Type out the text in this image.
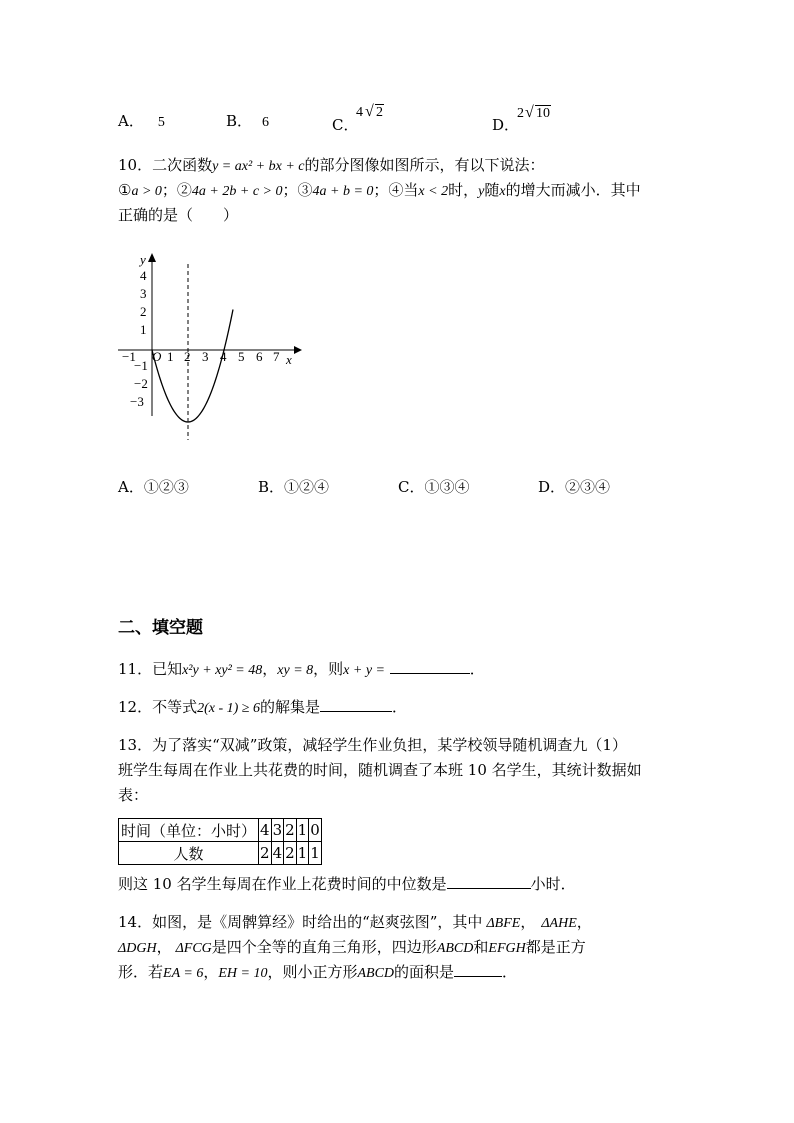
A． 5	B． 6	C．
4 √ 2
D．
2 √ 10
10．二次函数y = ax² + bx + c的部分图像如图所示，有以下说法：
①a > 0；②4a + 2b + c > 0；③4a + b = 0；④当x < 2时，y随x的增大而减小．其中
正确的是（　　）
y
x
O
4
3
2
1
−1
−2
−3
−1 1 2 3 4 5 6 7
A．①②③	B．①②④	C．①③④	D．②③④
二、填空题
11．已知x²y + xy² = 48，xy = 8，则x + y =	．
12．不等式2(x - 1) ≥ 6的解集是	．
13．为了落实“双减”政策，减轻学生作业负担，某学校领导随机调查九（1）
班学生每周在作业上共花费的时间，随机调查了本班 10 名学生，其统计数据如
表：
时间（单位：小时）	4	3	2	1	0
人数	2	4	2	1	1
则这 10 名学生每周在作业上花费时间的中位数是	小时．
14．如图，是《周髀算经》时给出的“赵爽弦图”，其中 ΔBFE， ΔAHE，
ΔDGH， ΔFCG是四个全等的直角三角形，四边形ABCD和EFGH都是正方
形．若EA = 6，EH = 10，则小正方形ABCD的面积是	．
